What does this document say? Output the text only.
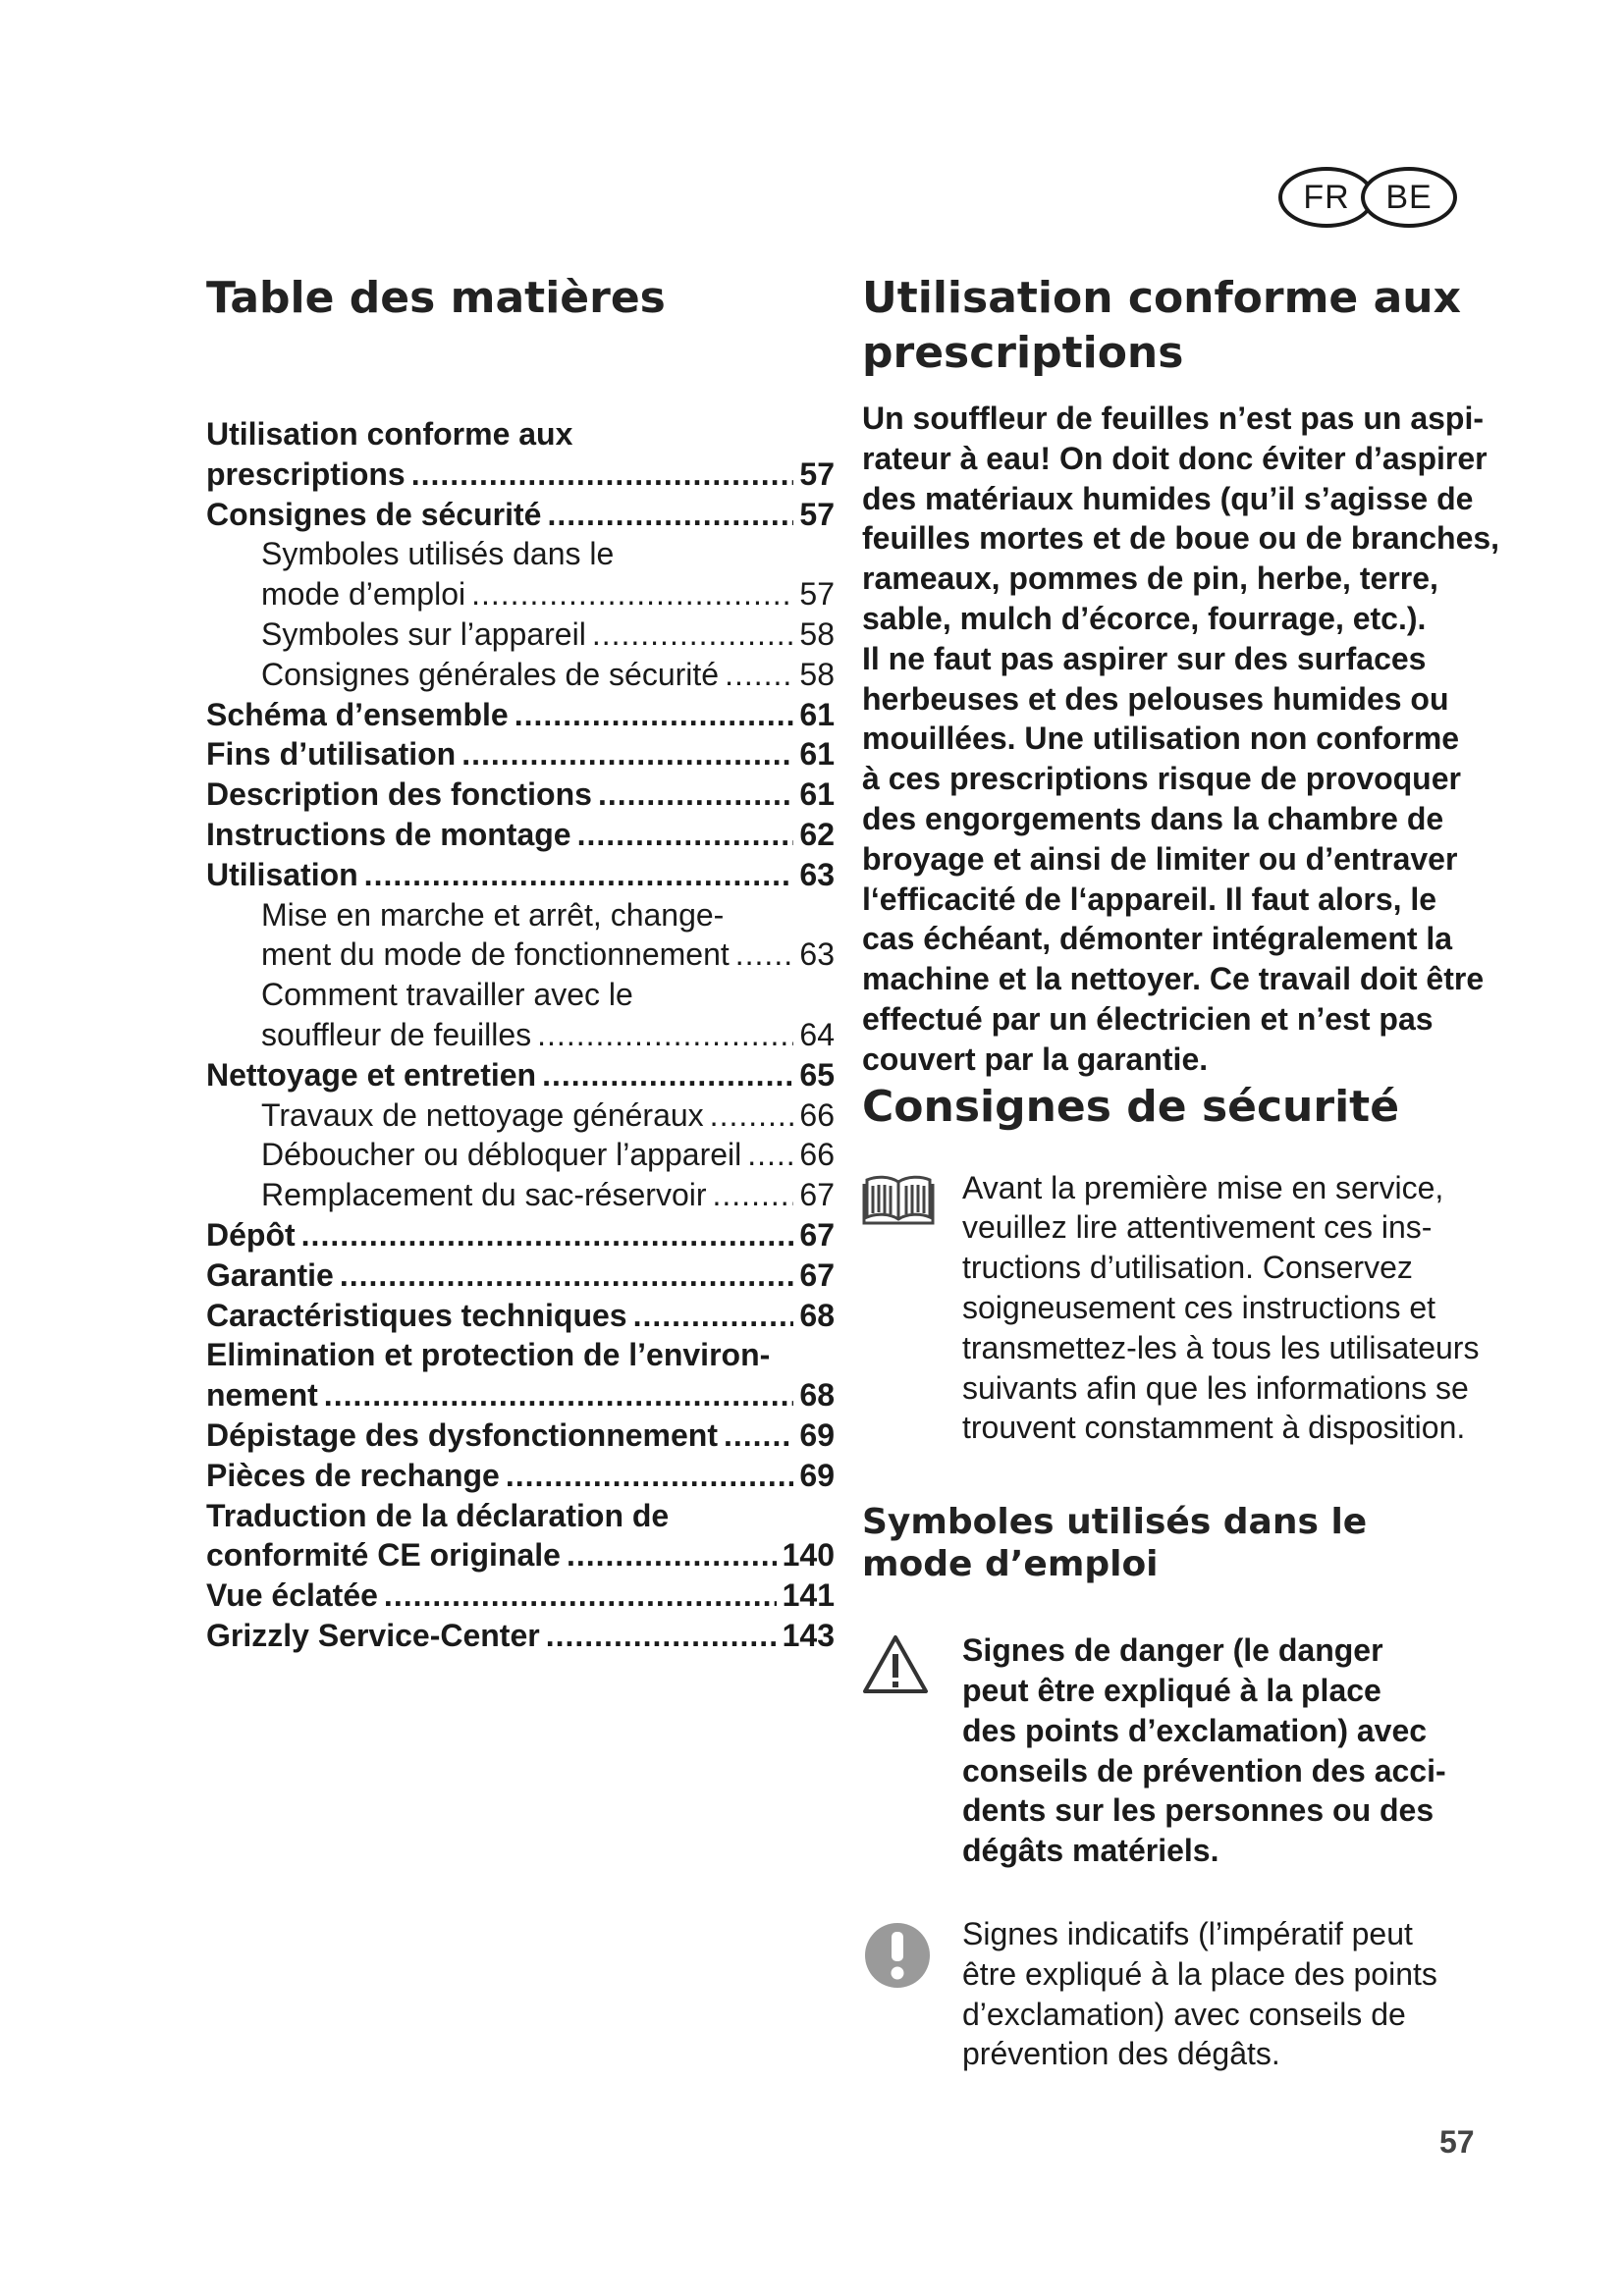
FR	BE
Table des matières
Utilisation conforme aux
prescriptions .....	57
Consignes de sécurité .....	57
Symboles utilisés dans le
mode d’emploi .....	57
Symboles sur l’appareil .....	58
Consignes générales de sécurité .....	58
Schéma d’ensemble .....	61
Fins d’utilisation .....	61
Description des fonctions .....	61
Instructions de montage .....	62
Utilisation .....	63
Mise en marche et arrêt, change-
ment du mode de fonctionnement ..... 63
Comment travailler avec le
souffleur de feuilles .....	64
Nettoyage et entretien .....	65
Travaux de nettoyage généraux .....	66
Déboucher ou débloquer l’appareil ..... 66
Remplacement du sac-réservoir .....	67
Dépôt .....	67
Garantie .....	67
Caractéristiques techniques .....	68
Elimination et protection de l’environ-
nement .....	68
Dépistage des dysfonctionnement .....	69
Pièces de rechange .....	69
Traduction de la déclaration de
conformité CE originale .....	140
Vue éclatée .....	141
Grizzly Service-Center .....	143
Utilisation conforme aux
prescriptions
Un souffleur de feuilles n’est pas un aspi-
rateur à eau! On doit donc éviter d’aspirer
des matériaux humides (qu’il s’agisse de
feuilles mortes et de boue ou de branches,
rameaux, pommes de pin, herbe, terre,
sable, mulch d’écorce, fourrage, etc.).
Il ne faut pas aspirer sur des surfaces
herbeuses et des pelouses humides ou
mouillées. Une utilisation non conforme
à ces prescriptions risque de provoquer
des engorgements dans la chambre de
broyage et ainsi de limiter ou d’entraver
l‘efficacité de l‘appareil. Il faut alors, le
cas échéant, démonter intégralement la
machine et la nettoyer. Ce travail doit être
effectué par un électricien et n’est pas
couvert par la garantie.
Consignes de sécurité
Avant la première mise en service,
veuillez lire attentivement ces ins-
tructions d’utilisation. Conservez
soigneusement ces instructions et
transmettez-les à tous les utilisateurs
suivants afin que les informations se
trouvent constamment à disposition.
Symboles utilisés dans le
mode d’emploi
Signes de danger (le danger
peut être expliqué à la place
des points d’exclamation) avec
conseils de prévention des acci-
dents sur les personnes ou des
dégâts matériels.
Signes indicatifs (l’impératif peut
être expliqué à la place des points
d’exclamation) avec conseils de
prévention des dégâts.
57
